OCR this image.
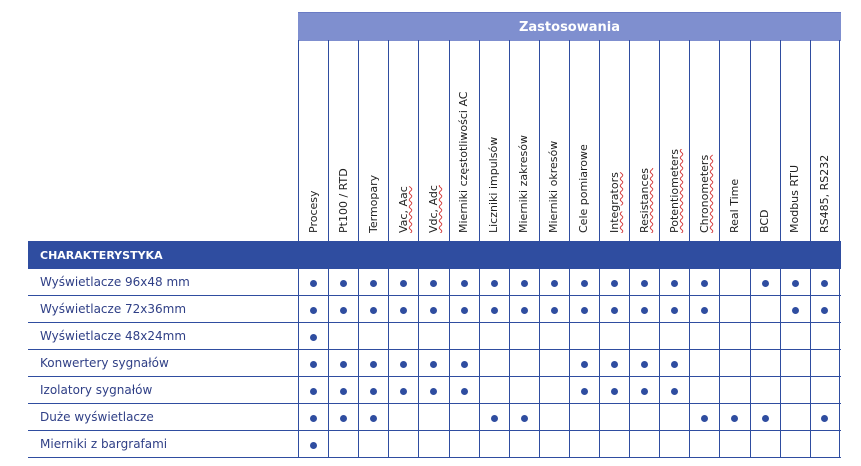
Zastosowania
Procesy Pt100 / RTD Termopary Vac, Aac Vdc, Adc Mierniki częstotliwości AC Liczniki impulsów Mierniki zakresów Mierniki okresów Cele pomiarowe Integrators Resistances Potentiometers Chronometers Real Time BCD Modbus RTU RS485, RS232
CHARAKTERYSTYKA
Wyświetlacze 96x48 mm
Wyświetlacze 72x36mm
Wyświetlacze 48x24mm
Konwertery sygnałów
Izolatory sygnałów
Duże wyświetlacze
Mierniki z bargrafami
